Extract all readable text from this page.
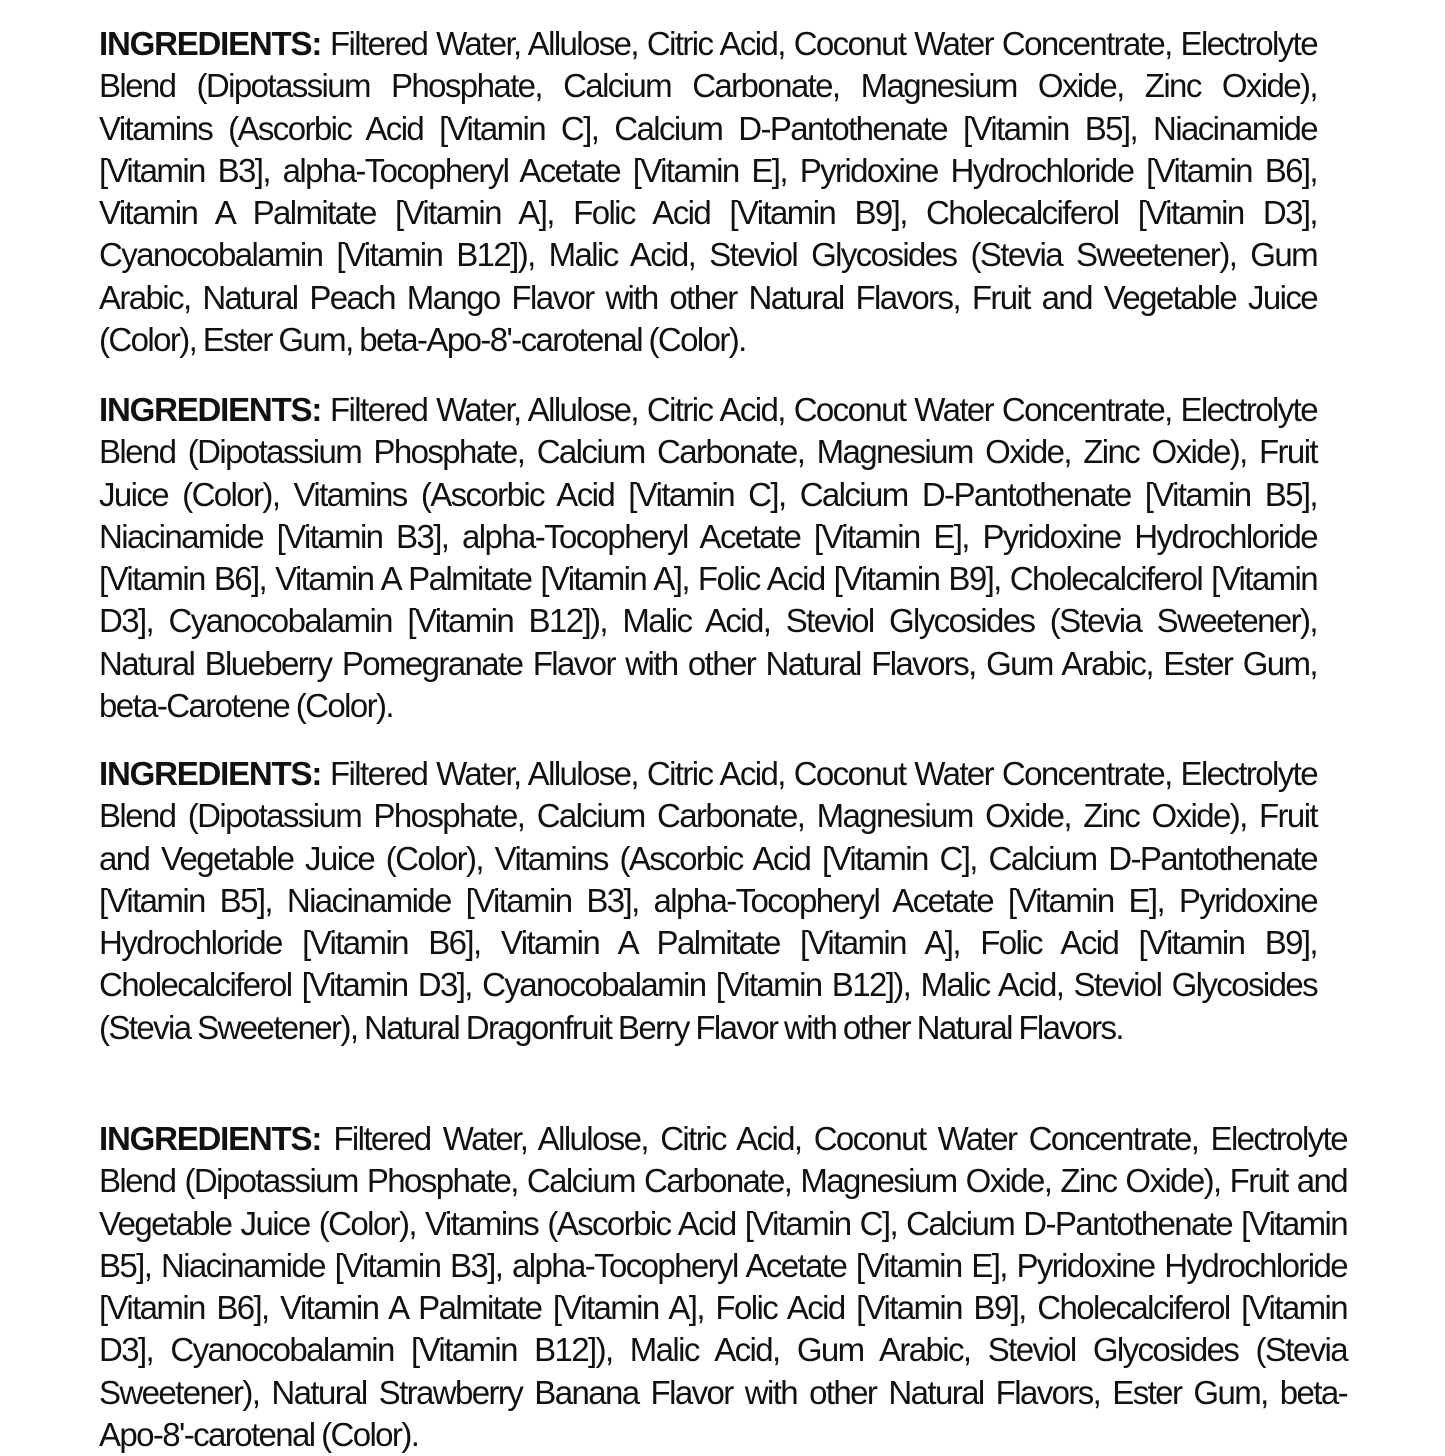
INGREDIENTS: Filtered Water, Allulose, Citric Acid, Coconut Water Concentrate, Electrolyte Blend (Dipotassium Phosphate, Calcium Carbonate, Magnesium Oxide, Zinc Oxide), Vitamins (Ascorbic Acid [Vitamin C], Calcium D-Pantothenate [Vitamin B5], Niacinamide [Vitamin B3], alpha-Tocopheryl Acetate [Vitamin E], Pyridoxine Hydrochloride [Vitamin B6], Vitamin A Palmitate [Vitamin A], Folic Acid [Vitamin B9], Cholecalciferol [Vitamin D3], Cyanocobalamin [Vitamin B12]), Malic Acid, Steviol Glycosides (Stevia Sweetener), Gum Arabic, Natural Peach Mango Flavor with other Natural Flavors, Fruit and Vegetable Juice (Color), Ester Gum, beta-Apo-8'-carotenal (Color).

INGREDIENTS: Filtered Water, Allulose, Citric Acid, Coconut Water Concentrate, Electrolyte Blend (Dipotassium Phosphate, Calcium Carbonate, Magnesium Oxide, Zinc Oxide), Fruit Juice (Color), Vitamins (Ascorbic Acid [Vitamin C], Calcium D-Pantothenate [Vitamin B5], Niacinamide [Vitamin B3], alpha-Tocopheryl Acetate [Vitamin E], Pyridoxine Hydrochloride [Vitamin B6], Vitamin A Palmitate [Vitamin A], Folic Acid [Vitamin B9], Cholecalciferol [Vitamin D3], Cyanocobalamin [Vitamin B12]), Malic Acid, Steviol Glycosides (Stevia Sweetener), Natural Blueberry Pomegranate Flavor with other Natural Flavors, Gum Arabic, Ester Gum, beta-Carotene (Color).

INGREDIENTS: Filtered Water, Allulose, Citric Acid, Coconut Water Concentrate, Electrolyte Blend (Dipotassium Phosphate, Calcium Carbonate, Magnesium Oxide, Zinc Oxide), Fruit and Vegetable Juice (Color), Vitamins (Ascorbic Acid [Vitamin C], Calcium D-Pantothenate [Vitamin B5], Niacinamide [Vitamin B3], alpha-Tocopheryl Acetate [Vitamin E], Pyridoxine Hydrochloride [Vitamin B6], Vitamin A Palmitate [Vitamin A], Folic Acid [Vitamin B9], Cholecalciferol [Vitamin D3], Cyanocobalamin [Vitamin B12]), Malic Acid, Steviol Glycosides (Stevia Sweetener), Natural Dragonfruit Berry Flavor with other Natural Flavors.

INGREDIENTS: Filtered Water, Allulose, Citric Acid, Coconut Water Concentrate, Electrolyte Blend (Dipotassium Phosphate, Calcium Carbonate, Magnesium Oxide, Zinc Oxide), Fruit and Vegetable Juice (Color), Vitamins (Ascorbic Acid [Vitamin C], Calcium D-Pantothenate [Vitamin B5], Niacinamide [Vitamin B3], alpha-Tocopheryl Acetate [Vitamin E], Pyridoxine Hydrochloride [Vitamin B6], Vitamin A Palmitate [Vitamin A], Folic Acid [Vitamin B9], Cholecalciferol [Vitamin D3], Cyanocobalamin [Vitamin B12]), Malic Acid, Gum Arabic, Steviol Glycosides (Stevia Sweetener), Natural Strawberry Banana Flavor with other Natural Flavors, Ester Gum, beta-Apo-8'-carotenal (Color).
